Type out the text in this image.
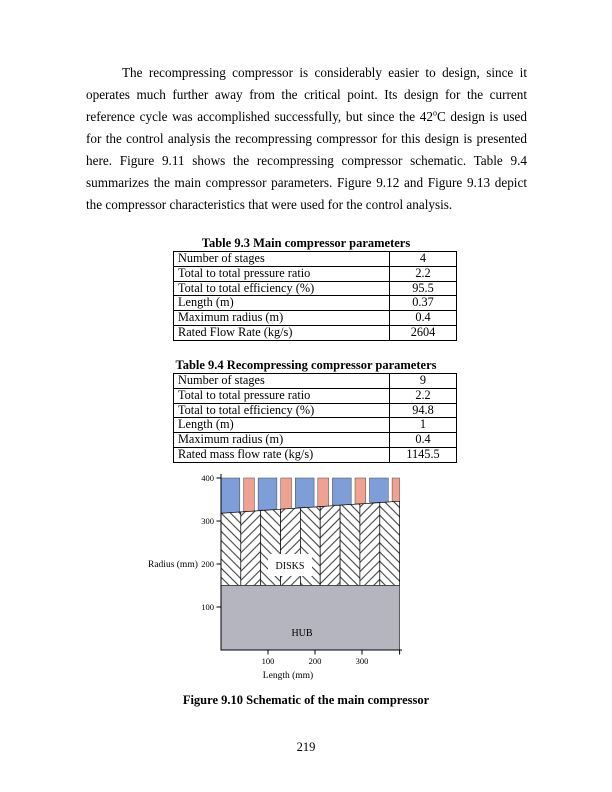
The recompressing compressor is considerably easier to design, since it operates much further away from the critical point. Its design for the current reference cycle was accomplished successfully, but since the 42$^o$C design is used for the control analysis the recompressing compressor for this design is presented here. Figure 9.11 shows the recompressing compressor schematic. Table 9.4 summarizes the main compressor parameters. Figure 9.12 and Figure 9.13 depict the compressor characteristics that were used for the control analysis.

Table 9.3 Main compressor parameters

Number of stages	4
Total to total pressure ratio	2.2
Total to total efficiency (%)	95.5
Length (m)	0.37
Maximum radius (m)	0.4
Rated Flow Rate (kg/s)	2604

Table 9.4 Recompressing compressor parameters

Number of stages	9
Total to total pressure ratio	2.2
Total to total efficiency (%)	94.8
Length (m)	1
Maximum radius (m)	0.4
Rated mass flow rate (kg/s)	1145.5
DISKS
HUB
100
200
300
400
100	200	300
Radius (mm)
Length (mm)

Figure 9.10 Schematic of the main compressor

219
